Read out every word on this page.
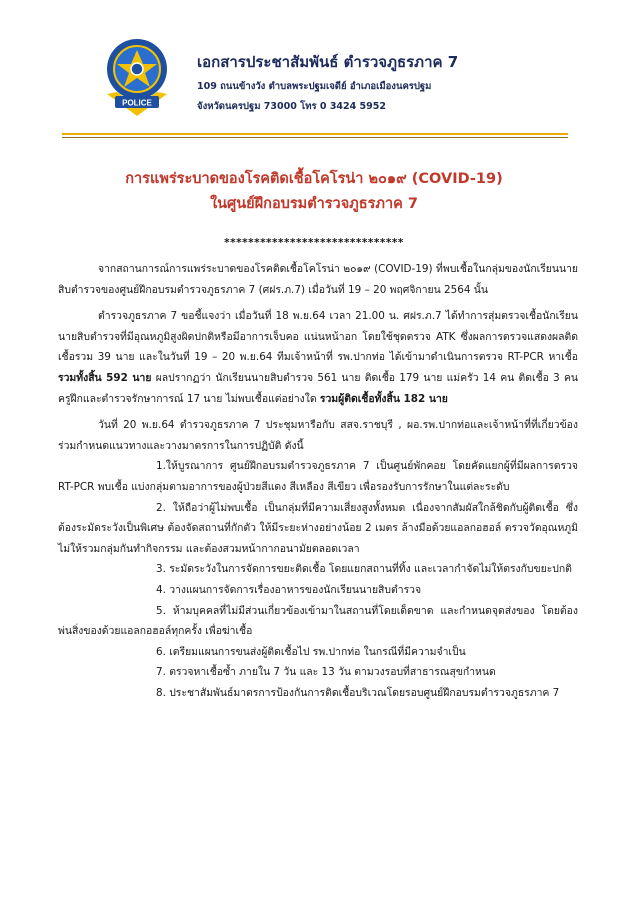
POLICE
เอกสารประชาสัมพันธ์ ตำรวจภูธรภาค 7
109 ถนนข้างวัง ตำบลพระปฐมเจดีย์ อำเภอเมืองนครปฐม
จังหวัดนครปฐม 73000 โทร 0 3424 5952
การแพร่ระบาดของโรคติดเชื้อโคโรน่า ๒๐๑๙ (COVID-19)
ในศูนย์ฝึกอบรมตำรวจภูธรภาค 7
******************************

จากสถานการณ์การแพร่ระบาดของโรคติดเชื้อโคโรน่า ๒๐๑๙ (COVID-19) ที่พบเชื้อในกลุ่มของนักเรียนนายสิบตำรวจของศูนย์ฝึกอบรมตำรวจภูธรภาค 7 (ศฝร.ภ.7) เมื่อวันที่ 19 – 20 พฤศจิกายน 2564 นั้น

ตำรวจภูธรภาค 7 ขอชี้แจงว่า เมื่อวันที่ 18 พ.ย.64 เวลา 21.00 น. ศฝร.ภ.7 ได้ทำการสุ่มตรวจเชื้อนักเรียนนายสิบตำรวจที่มีอุณหภูมิสูงผิดปกติหรือมีอาการเจ็บคอ แน่นหน้าอก โดยใช้ชุดตรวจ ATK ซึ่งผลการตรวจแสดงผลติดเชื้อรวม 39 นาย และในวันที่ 19 – 20 พ.ย.64 ทีมเจ้าหน้าที่ รพ.ปากท่อ ได้เข้ามาดำเนินการตรวจ RT-PCR หาเชื้อรวมทั้งสิ้น 592 นาย ผลปรากฏว่า นักเรียนนายสิบตำรวจ 561 นาย ติดเชื้อ 179 นาย แม่ครัว 14 คน ติดเชื้อ 3 คน ครูฝึกและตำรวจรักษาการณ์ 17 นาย ไม่พบเชื้อแต่อย่างใด รวมผู้ติดเชื้อทั้งสิ้น 182 นาย

วันที่ 20 พ.ย.64 ตำรวจภูธรภาค 7 ประชุมหารือกับ สสจ.ราชบุรี , ผอ.รพ.ปากท่อและเจ้าหน้าที่ที่เกี่ยวข้อง ร่วมกำหนดแนวทางและวางมาตรการในการปฏิบัติ ดังนี้

1.ให้บูรณาการ ศูนย์ฝึกอบรมตำรวจภูธรภาค 7 เป็นศูนย์พักคอย โดยคัดแยกผู้ที่มีผลการตรวจ RT-PCR พบเชื้อ แบ่งกลุ่มตามอาการของผู้ป่วยสีแดง สีเหลือง สีเขียว เพื่อรองรับการรักษาในแต่ละระดับ

2. ให้ถือว่าผู้ไม่พบเชื้อ เป็นกลุ่มที่มีความเสี่ยงสูงทั้งหมด เนื่องจากสัมผัสใกล้ชิดกับผู้ติดเชื้อ ซึ่งต้องระมัดระวังเป็นพิเศษ ต้องจัดสถานที่กักตัว ให้มีระยะห่างอย่างน้อย 2 เมตร ล้างมือด้วยแอลกอฮอล์ ตรวจวัดอุณหภูมิ ไม่ให้รวมกลุ่มกันทำกิจกรรม และต้องสวมหน้ากากอนามัยตลอดเวลา

3. ระมัดระวังในการจัดการขยะติดเชื้อ โดยแยกสถานที่ทิ้ง และเวลากำจัดไม่ให้ตรงกับขยะปกติ

4. วางแผนการจัดการเรื่องอาหารของนักเรียนนายสิบตำรวจ

5. ห้ามบุคคลที่ไม่มีส่วนเกี่ยวข้องเข้ามาในสถานที่โดยเด็ดขาด และกำหนดจุดส่งของ โดยต้องพ่นสิ่งของด้วยแอลกอฮอล์ทุกครั้ง เพื่อฆ่าเชื้อ

6. เตรียมแผนการขนส่งผู้ติดเชื้อไป รพ.ปากท่อ ในกรณีที่มีความจำเป็น

7. ตรวจหาเชื้อซ้ำ ภายใน 7 วัน และ 13 วัน ตามวงรอบที่สาธารณสุขกำหนด

8. ประชาสัมพันธ์มาตรการป้องกันการติดเชื้อบริเวณโดยรอบศูนย์ฝึกอบรมตำรวจภูธรภาค 7
